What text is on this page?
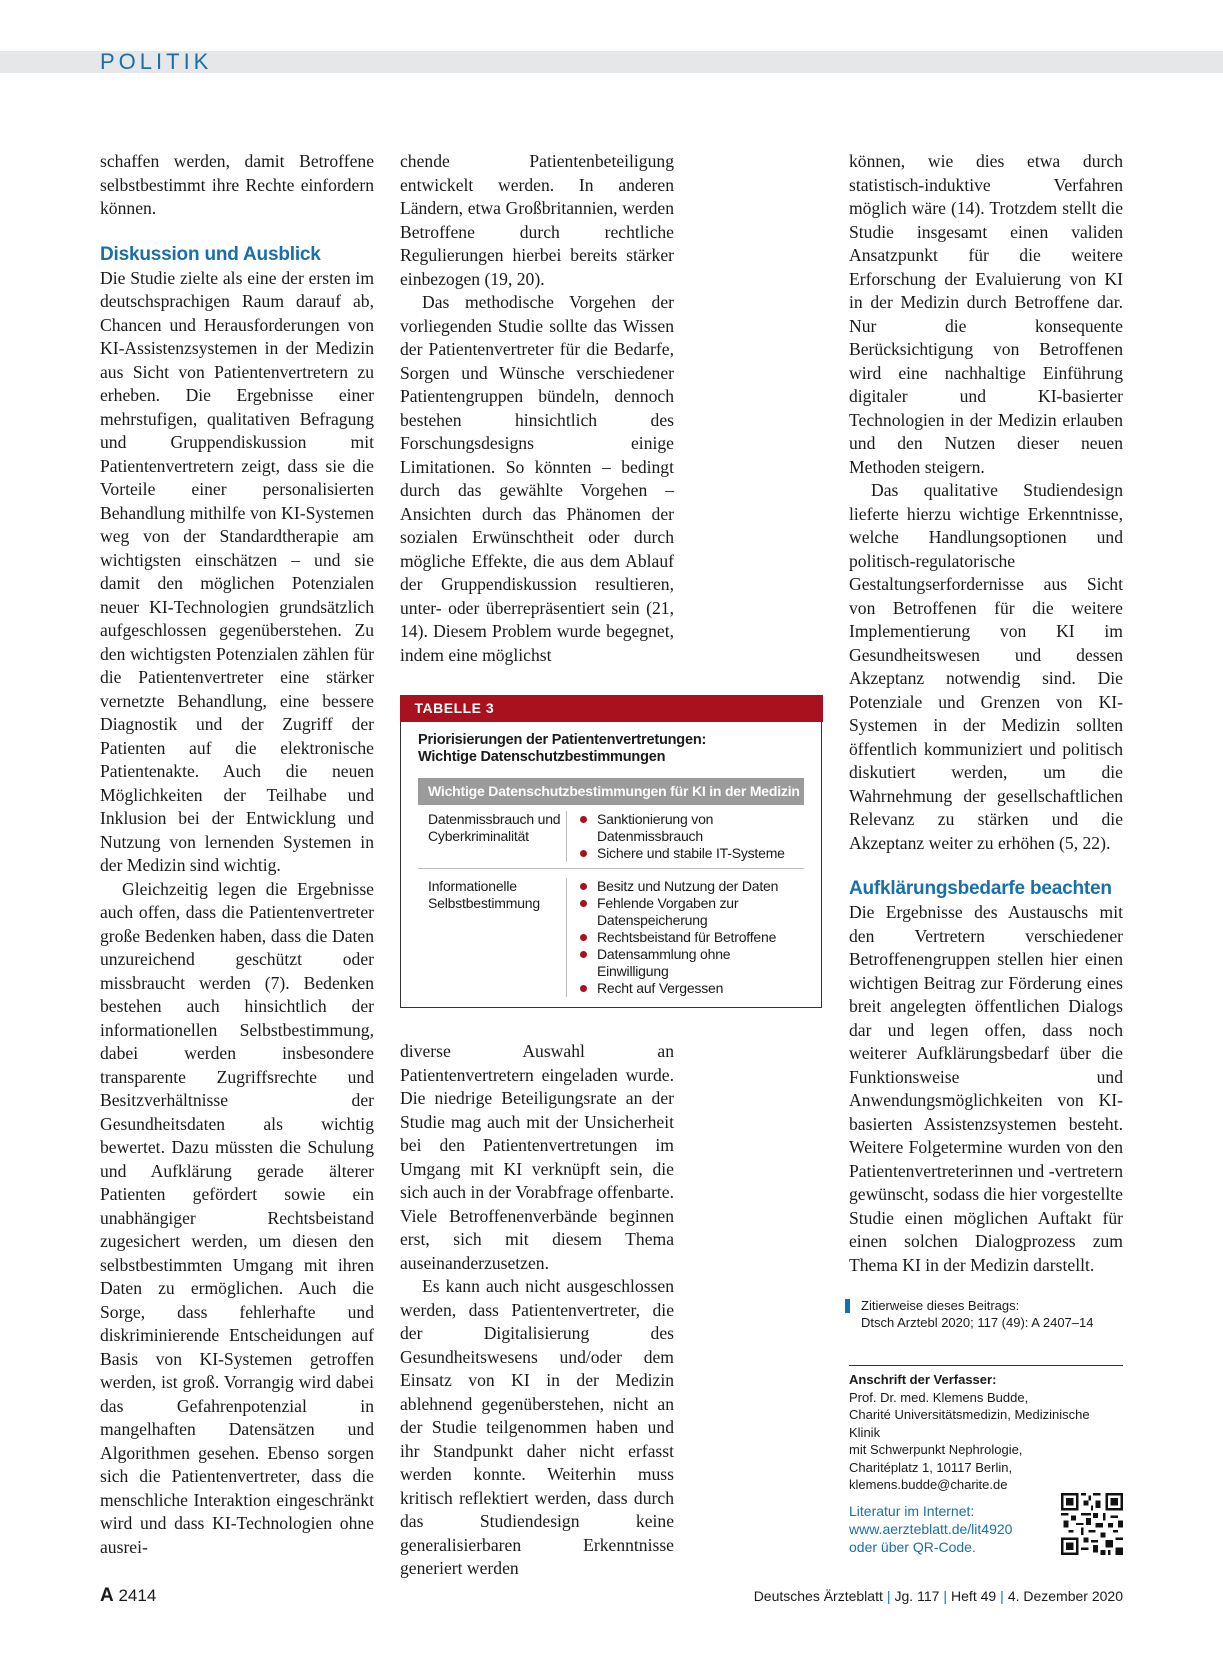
POLITIK

schaffen werden, damit Betroffene selbstbestimmt ihre Rechte einfordern können.

Diskussion und Ausblick

Die Studie zielte als eine der ersten im deutschsprachigen Raum darauf ab, Chancen und Herausforderungen von KI-Assistenzsystemen in der Medizin aus Sicht von Patientenvertretern zu erheben. Die Ergebnisse einer mehrstufigen, qualitativen Befragung und Gruppendiskussion mit Patientenvertretern zeigt, dass sie die Vorteile einer personalisierten Behandlung mithilfe von KI-Systemen weg von der Standardtherapie am wichtigsten einschätzen – und sie damit den möglichen Potenzialen neuer KI-Technologien grundsätzlich aufgeschlossen gegenüberstehen. Zu den wichtigsten Potenzialen zählen für die Patientenvertreter eine stärker vernetzte Behandlung, eine bessere Diagnostik und der Zugriff der Patienten auf die elektronische Patientenakte. Auch die neuen Möglichkeiten der Teilhabe und Inklusion bei der Entwicklung und Nutzung von lernenden Systemen in der Medizin sind wichtig.

Gleichzeitig legen die Ergebnisse auch offen, dass die Patientenvertreter große Bedenken haben, dass die Daten unzureichend geschützt oder missbraucht werden (7). Bedenken bestehen auch hinsichtlich der informationellen Selbstbestimmung, dabei werden insbesondere transparente Zugriffsrechte und Besitzverhältnisse der Gesundheitsdaten als wichtig bewertet. Dazu müssten die Schulung und Aufklärung gerade älterer Patienten gefördert sowie ein unabhängiger Rechtsbeistand zugesichert werden, um diesen den selbstbestimmten Umgang mit ihren Daten zu ermöglichen. Auch die Sorge, dass fehlerhafte und diskriminierende Entscheidungen auf Basis von KI-Systemen getroffen werden, ist groß. Vorrangig wird dabei das Gefahrenpotenzial in mangelhaften Datensätzen und Algorithmen gesehen. Ebenso sorgen sich die Patientenvertreter, dass die menschliche Interaktion eingeschränkt wird und dass KI-Technologien ohne ausrei-

chende Patientenbeteiligung entwickelt werden. In anderen Ländern, etwa Großbritannien, werden Betroffene durch rechtliche Regulierungen hierbei bereits stärker einbezogen (19, 20).

Das methodische Vorgehen der vorliegenden Studie sollte das Wissen der Patientenvertreter für die Bedarfe, Sorgen und Wünsche verschiedener Patientengruppen bündeln, dennoch bestehen hinsichtlich des Forschungsdesigns einige Limitationen. So könnten – bedingt durch das gewählte Vorgehen – Ansichten durch das Phänomen der sozialen Erwünschtheit oder durch mögliche Effekte, die aus dem Ablauf der Gruppendiskussion resultieren, unter- oder überrepräsentiert sein (21, 14). Diesem Problem wurde begegnet, indem eine möglichst

TABELLE 3
Priorisierungen der Patientenvertretungen:
Wichtige Datenschutzbestimmungen
Wichtige Datenschutzbestimmungen für KI in der Medizin
Datenmissbrauch und Cyberkriminalität
Sanktionierung von Datenmissbrauch
Sichere und stabile IT-Systeme
Informationelle Selbstbestimmung
Besitz und Nutzung der Daten
Fehlende Vorgaben zur Datenspeicherung
Rechtsbeistand für Betroffene
Datensammlung ohne Einwilligung
Recht auf Vergessen

diverse Auswahl an Patientenvertretern eingeladen wurde. Die niedrige Beteiligungsrate an der Studie mag auch mit der Unsicherheit bei den Patientenvertretungen im Umgang mit KI verknüpft sein, die sich auch in der Vorabfrage offenbarte. Viele Betroffenenverbände beginnen erst, sich mit diesem Thema auseinanderzusetzen.

Es kann auch nicht ausgeschlossen werden, dass Patientenvertreter, die der Digitalisierung des Gesundheitswesens und/oder dem Einsatz von KI in der Medizin ablehnend gegenüberstehen, nicht an der Studie teilgenommen haben und ihr Standpunkt daher nicht erfasst werden konnte. Weiterhin muss kritisch reflektiert werden, dass durch das Studiendesign keine generalisierbaren Erkenntnisse generiert werden

können, wie dies etwa durch statistisch-induktive Verfahren möglich wäre (14). Trotzdem stellt die Studie insgesamt einen validen Ansatzpunkt für die weitere Erforschung der Evaluierung von KI in der Medizin durch Betroffene dar. Nur die konsequente Berücksichtigung von Betroffenen wird eine nachhaltige Einführung digitaler und KI-basierter Technologien in der Medizin erlauben und den Nutzen dieser neuen Methoden steigern.

Das qualitative Studiendesign lieferte hierzu wichtige Erkenntnisse, welche Handlungsoptionen und politisch-regulatorische Gestaltungserfordernisse aus Sicht von Betroffenen für die weitere Implementierung von KI im Gesundheitswesen und dessen Akzeptanz notwendig sind. Die Potenziale und Grenzen von KI-Systemen in der Medizin sollten öffentlich kommuniziert und politisch diskutiert werden, um die Wahrnehmung der gesellschaftlichen Relevanz zu stärken und die Akzeptanz weiter zu erhöhen (5, 22).

Aufklärungsbedarfe beachten

Die Ergebnisse des Austauschs mit den Vertretern verschiedener Betroffenengruppen stellen hier einen wichtigen Beitrag zur Förderung eines breit angelegten öffentlichen Dialogs dar und legen offen, dass noch weiterer Aufklärungsbedarf über die Funktionsweise und Anwendungsmöglichkeiten von KI-basierten Assistenzsystemen besteht. Weitere Folgetermine wurden von den Patientenvertreterinnen und -vertretern gewünscht, sodass die hier vorgestellte Studie einen möglichen Auftakt für einen solchen Dialogprozess zum Thema KI in der Medizin darstellt.

Zitierweise dieses Beitrags:
Dtsch Arztebl 2020; 117 (49): A 2407–14
Anschrift der Verfasser:
Prof. Dr. med. Klemens Budde,
Charité Universitätsmedizin, Medizinische Klinik
mit Schwerpunkt Nephrologie,
Charitéplatz 1, 10117 Berlin,
klemens.budde@charite.de
Literatur im Internet:
www.aerzteblatt.de/lit4920
oder über QR-Code.
A 2414	Deutsches Ärzteblatt | Jg. 117 | Heft 49 | 4. Dezember 2020
